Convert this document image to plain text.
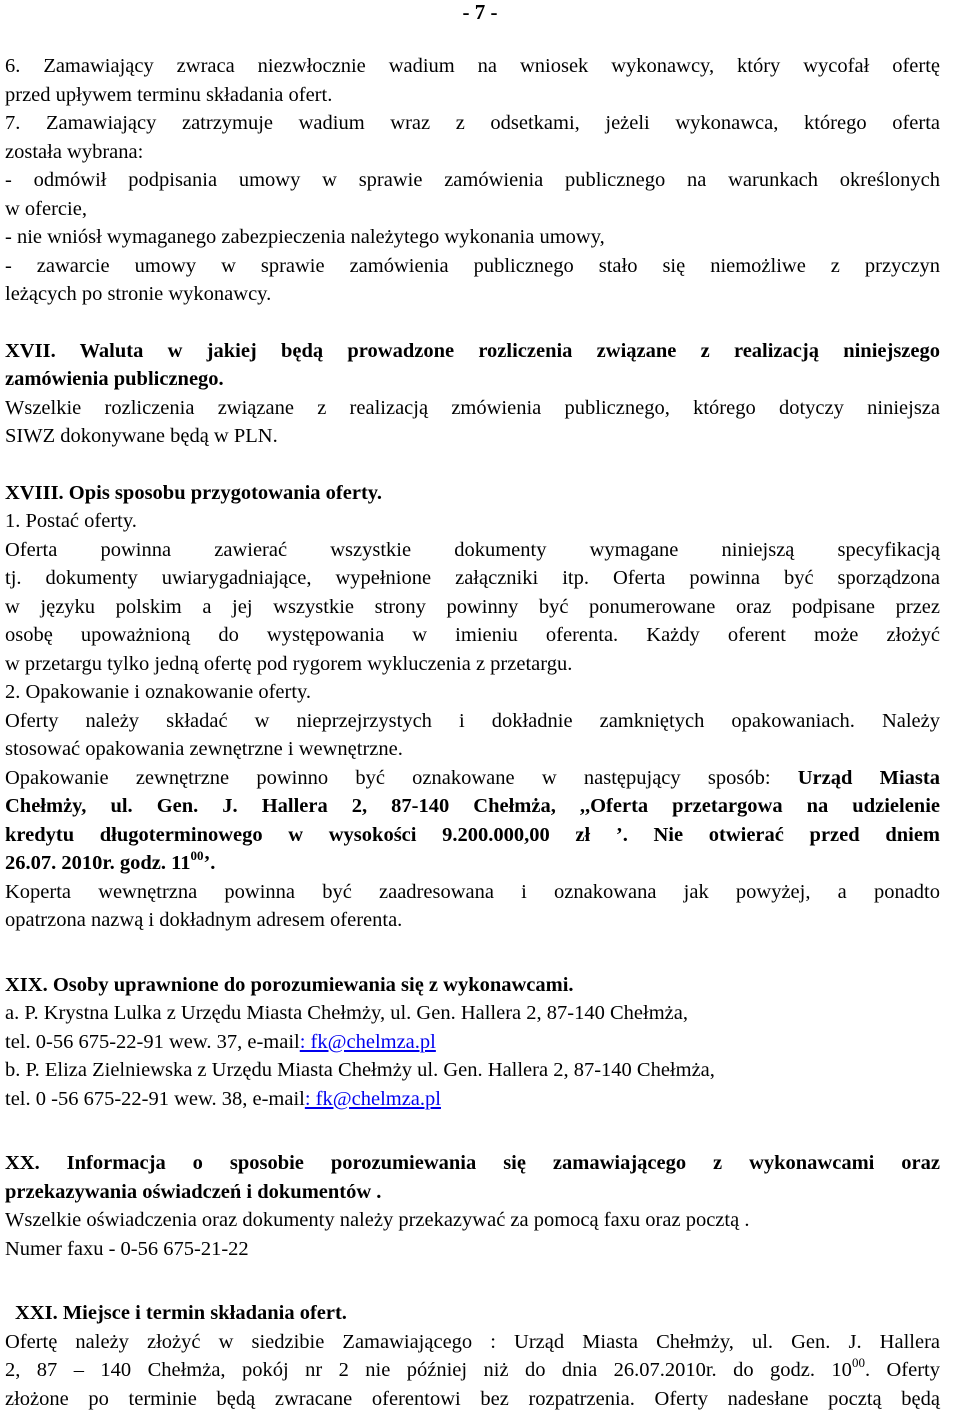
- 7 -
6. Zamawiający zwraca niezwłocznie wadium na wniosek wykonawcy, który wycofał ofertę
przed upływem terminu składania ofert.
7. Zamawiający zatrzymuje wadium wraz z odsetkami, jeżeli wykonawca, którego oferta
została wybrana:
- odmówił podpisania umowy w sprawie zamówienia publicznego na warunkach określonych
w ofercie,
- nie wniósł wymaganego zabezpieczenia należytego wykonania umowy,
- zawarcie umowy w sprawie zamówienia publicznego stało się niemożliwe z przyczyn
leżących po stronie wykonawcy.
XVII. Waluta w jakiej będą prowadzone rozliczenia związane z realizacją niniejszego
zamówienia publicznego.
Wszelkie rozliczenia związane z realizacją zmówienia publicznego, którego dotyczy niniejsza
SIWZ dokonywane będą w PLN.
XVIII. Opis sposobu przygotowania oferty.
1. Postać oferty.
Oferta powinna zawierać wszystkie dokumenty wymagane niniejszą specyfikacją
tj. dokumenty uwiarygadniające, wypełnione załączniki itp. Oferta powinna być sporządzona
w języku polskim a jej wszystkie strony powinny być ponumerowane oraz podpisane przez
osobę upoważnioną do występowania w imieniu oferenta. Każdy oferent może złożyć
w przetargu tylko jedną ofertę pod rygorem wykluczenia z przetargu.
2. Opakowanie i oznakowanie oferty.
Oferty należy składać w nieprzejrzystych i dokładnie zamkniętych opakowaniach. Należy
stosować opakowania zewnętrzne i wewnętrzne.
Opakowanie zewnętrzne powinno być oznakowane w następujący sposób: Urząd Miasta
Chełmży, ul. Gen. J. Hallera 2, 87-140 Chełmża, ,,Oferta przetargowa na udzielenie
kredytu długoterminowego w wysokości 9.200.000,00 zł ’. Nie otwierać przed dniem
26.07. 2010r. godz. $11^{00}$’.
Koperta wewnętrzna powinna być zaadresowana i oznakowana jak powyżej, a ponadto
opatrzona nazwą i dokładnym adresem oferenta.
XIX. Osoby uprawnione do porozumiewania się z wykonawcami.
a. P. Krystna Lulka z Urzędu Miasta Chełmży, ul. Gen. Hallera 2, 87-140 Chełmża,
tel. 0-56 675-22-91 wew. 37, e-mail: fk@chelmza.pl
b. P. Eliza Zielniewska z Urzędu Miasta Chełmży ul. Gen. Hallera 2, 87-140 Chełmża,
tel. 0 -56 675-22-91 wew. 38, e-mail: fk@chelmza.pl
XX. Informacja o sposobie porozumiewania się zamawiającego z wykonawcami oraz
przekazywania oświadczeń i dokumentów .
Wszelkie oświadczenia oraz dokumenty należy przekazywać za pomocą faxu oraz pocztą .
Numer faxu - 0-56 675-21-22
XXI. Miejsce i termin składania ofert.
Ofertę należy złożyć w siedzibie Zamawiającego : Urząd Miasta Chełmży, ul. Gen. J. Hallera
2, 87 – 140 Chełmża, pokój nr 2 nie później niż do dnia 26.07.2010r. do godz. $10^{00}$. Oferty
złożone po terminie będą zwracane oferentowi bez rozpatrzenia. Oferty nadesłane pocztą będą
